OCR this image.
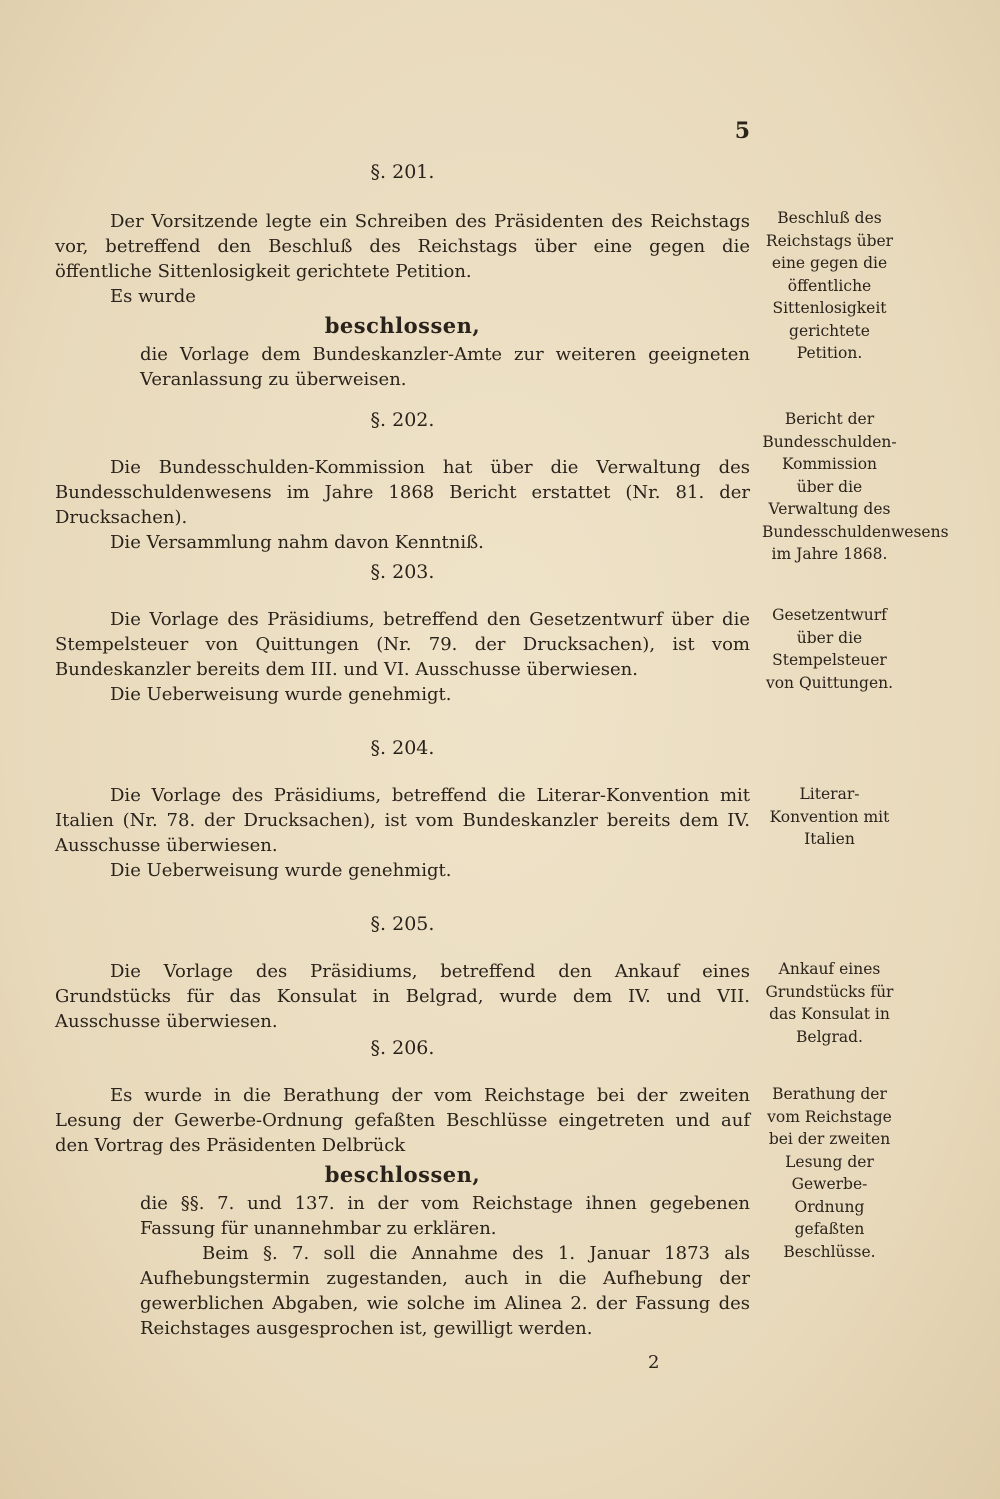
5
§. 201.

Der Vorsitzende legte ein Schreiben des Präsidenten des Reichstags vor, betreffend den Beschluß des Reichstags über eine gegen die öffentliche Sittenlosigkeit gerichtete Petition.

Es wurde

beschlossen,

die Vorlage dem Bundeskanzler-Amte zur weiteren geeigneten Veranlassung zu überweisen.

Beschluß des Reichstags über eine gegen die öffentliche Sittenlosigkeit gerichtete Petition.
§. 202.

Die Bundesschulden-Kommission hat über die Verwaltung des Bundesschuldenwesens im Jahre 1868 Bericht erstattet (Nr. 81. der Drucksachen).

Die Versammlung nahm davon Kenntniß.

Bericht der Bundesschulden-Kommission über die Verwaltung des Bundesschuldenwesens im Jahre 1868.
§. 203.

Die Vorlage des Präsidiums, betreffend den Gesetzentwurf über die Stempelsteuer von Quittungen (Nr. 79. der Drucksachen), ist vom Bundeskanzler bereits dem III. und VI. Ausschusse überwiesen.

Die Ueberweisung wurde genehmigt.

Gesetzentwurf über die Stempelsteuer von Quittungen.
§. 204.

Die Vorlage des Präsidiums, betreffend die Literar-Konvention mit Italien (Nr. 78. der Drucksachen), ist vom Bundeskanzler bereits dem IV. Ausschusse überwiesen.

Die Ueberweisung wurde genehmigt.

Literar-Konvention mit Italien
§. 205.

Die Vorlage des Präsidiums, betreffend den Ankauf eines Grundstücks für das Konsulat in Belgrad, wurde dem IV. und VII. Ausschusse überwiesen.

Ankauf eines Grundstücks für das Konsulat in Belgrad.
§. 206.

Es wurde in die Berathung der vom Reichstage bei der zweiten Lesung der Gewerbe-Ordnung gefaßten Beschlüsse eingetreten und auf den Vortrag des Präsidenten Delbrück

beschlossen,

die §§. 7. und 137. in der vom Reichstage ihnen gegebenen Fassung für unannehmbar zu erklären.

Beim §. 7. soll die Annahme des 1. Januar 1873 als Aufhebungstermin zugestanden, auch in die Aufhebung der gewerblichen Abgaben, wie solche im Alinea 2. der Fassung des Reichstages ausgesprochen ist, gewilligt werden.

Berathung der vom Reichstage bei der zweiten Lesung der Gewerbe-Ordnung gefaßten Beschlüsse.
2
